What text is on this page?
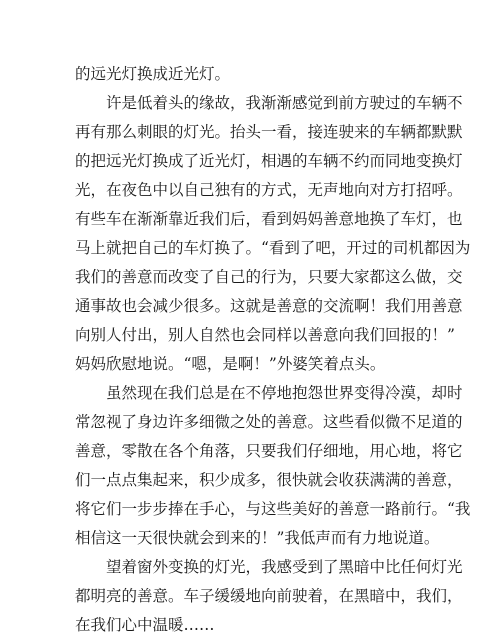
的远光灯换成近光灯。
许是低着头的缘故，我渐渐感觉到前方驶过的车辆不
再有那么刺眼的灯光。抬头一看，接连驶来的车辆都默默
的把远光灯换成了近光灯，相遇的车辆不约而同地变换灯
光，在夜色中以自己独有的方式，无声地向对方打招呼。
有些车在渐渐靠近我们后，看到妈妈善意地换了车灯，也
马上就把自己的车灯换了。“看到了吧，开过的司机都因为
我们的善意而改变了自己的行为，只要大家都这么做，交
通事故也会减少很多。这就是善意的交流啊！我们用善意
向别人付出，别人自然也会同样以善意向我们回报的！”
妈妈欣慰地说。“嗯，是啊！”外婆笑着点头。
虽然现在我们总是在不停地抱怨世界变得冷漠，却时
常忽视了身边许多细微之处的善意。这些看似微不足道的
善意，零散在各个角落，只要我们仔细地，用心地，将它
们一点点集起来，积少成多，很快就会收获满满的善意，
将它们一步步捧在手心，与这些美好的善意一路前行。“我
相信这一天很快就会到来的！”我低声而有力地说道。
望着窗外变换的灯光，我感受到了黑暗中比任何灯光
都明亮的善意。车子缓缓地向前驶着，在黑暗中，我们，
在我们心中温暖……
